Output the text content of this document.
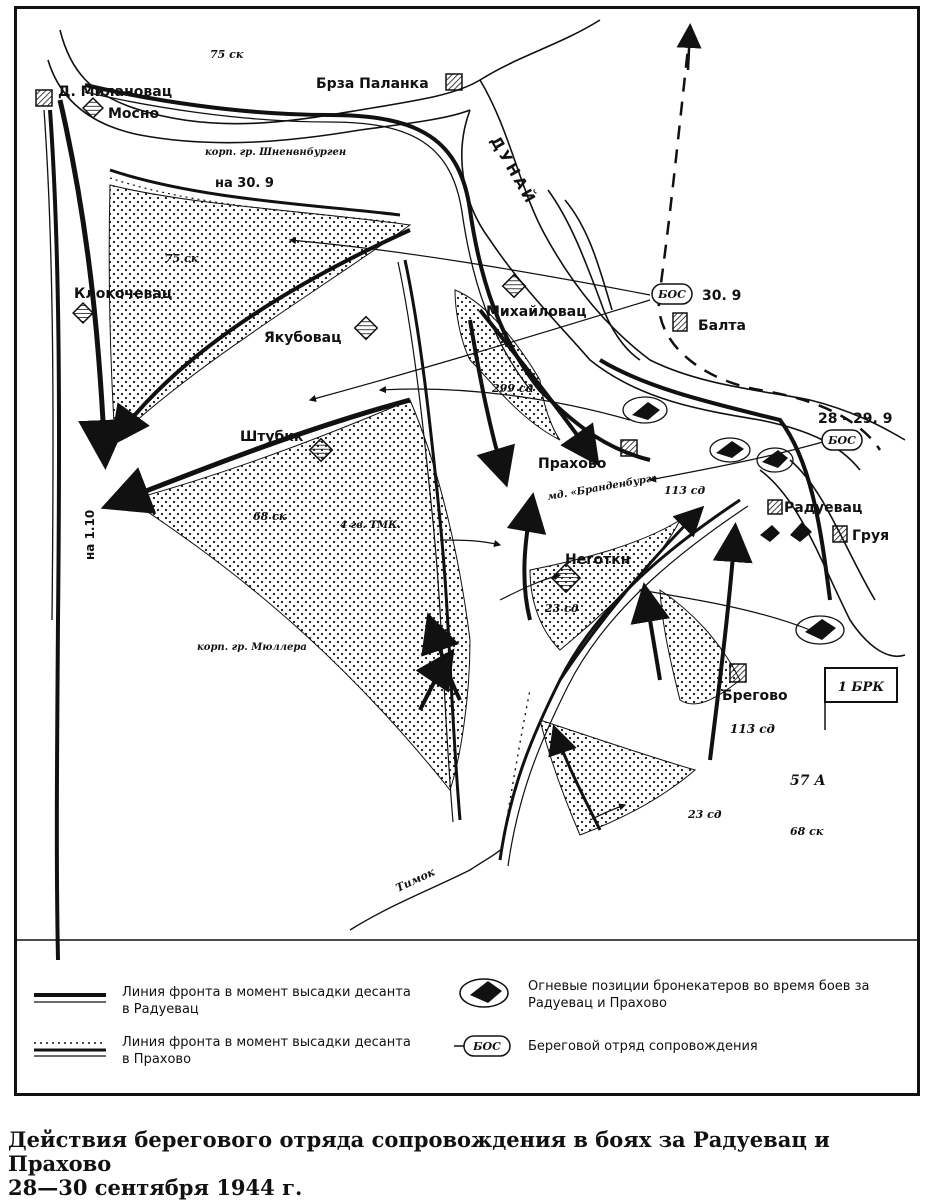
1 БРК
БОС
БОС
Д. Милановац
Мосно
Брза Паланка
Клокочевац
Якубовац
Михайловац
Балта
Штубкк
Прахово
Радуевац
Груя
Неготкн
Брегово
мд. «Бранденбург»
ДУНАЙ
Тимок
75 ск
75 ск
корп. гр. Шненвнбурген
68 ск
68 ск
корп. гр. Мюллера
4 гв. ТМК.
299 сд
113 сд
113 сд
23 сд
23 сд
57 А
на 30. 9
на 1.10
30. 9
28 - 29. 9
БОС
Линия фронта в момент высадки десанта в Радуевац
Линия фронта в момент высадки десанта в Прахово
Огневые позиции бронекатеров во время боев за Радуевац и Прахово
Береговой отряд сопровождения
Действия берегового отряда сопровождения в боях за Радуевац и Прахово
28—30 сентября 1944 г.
